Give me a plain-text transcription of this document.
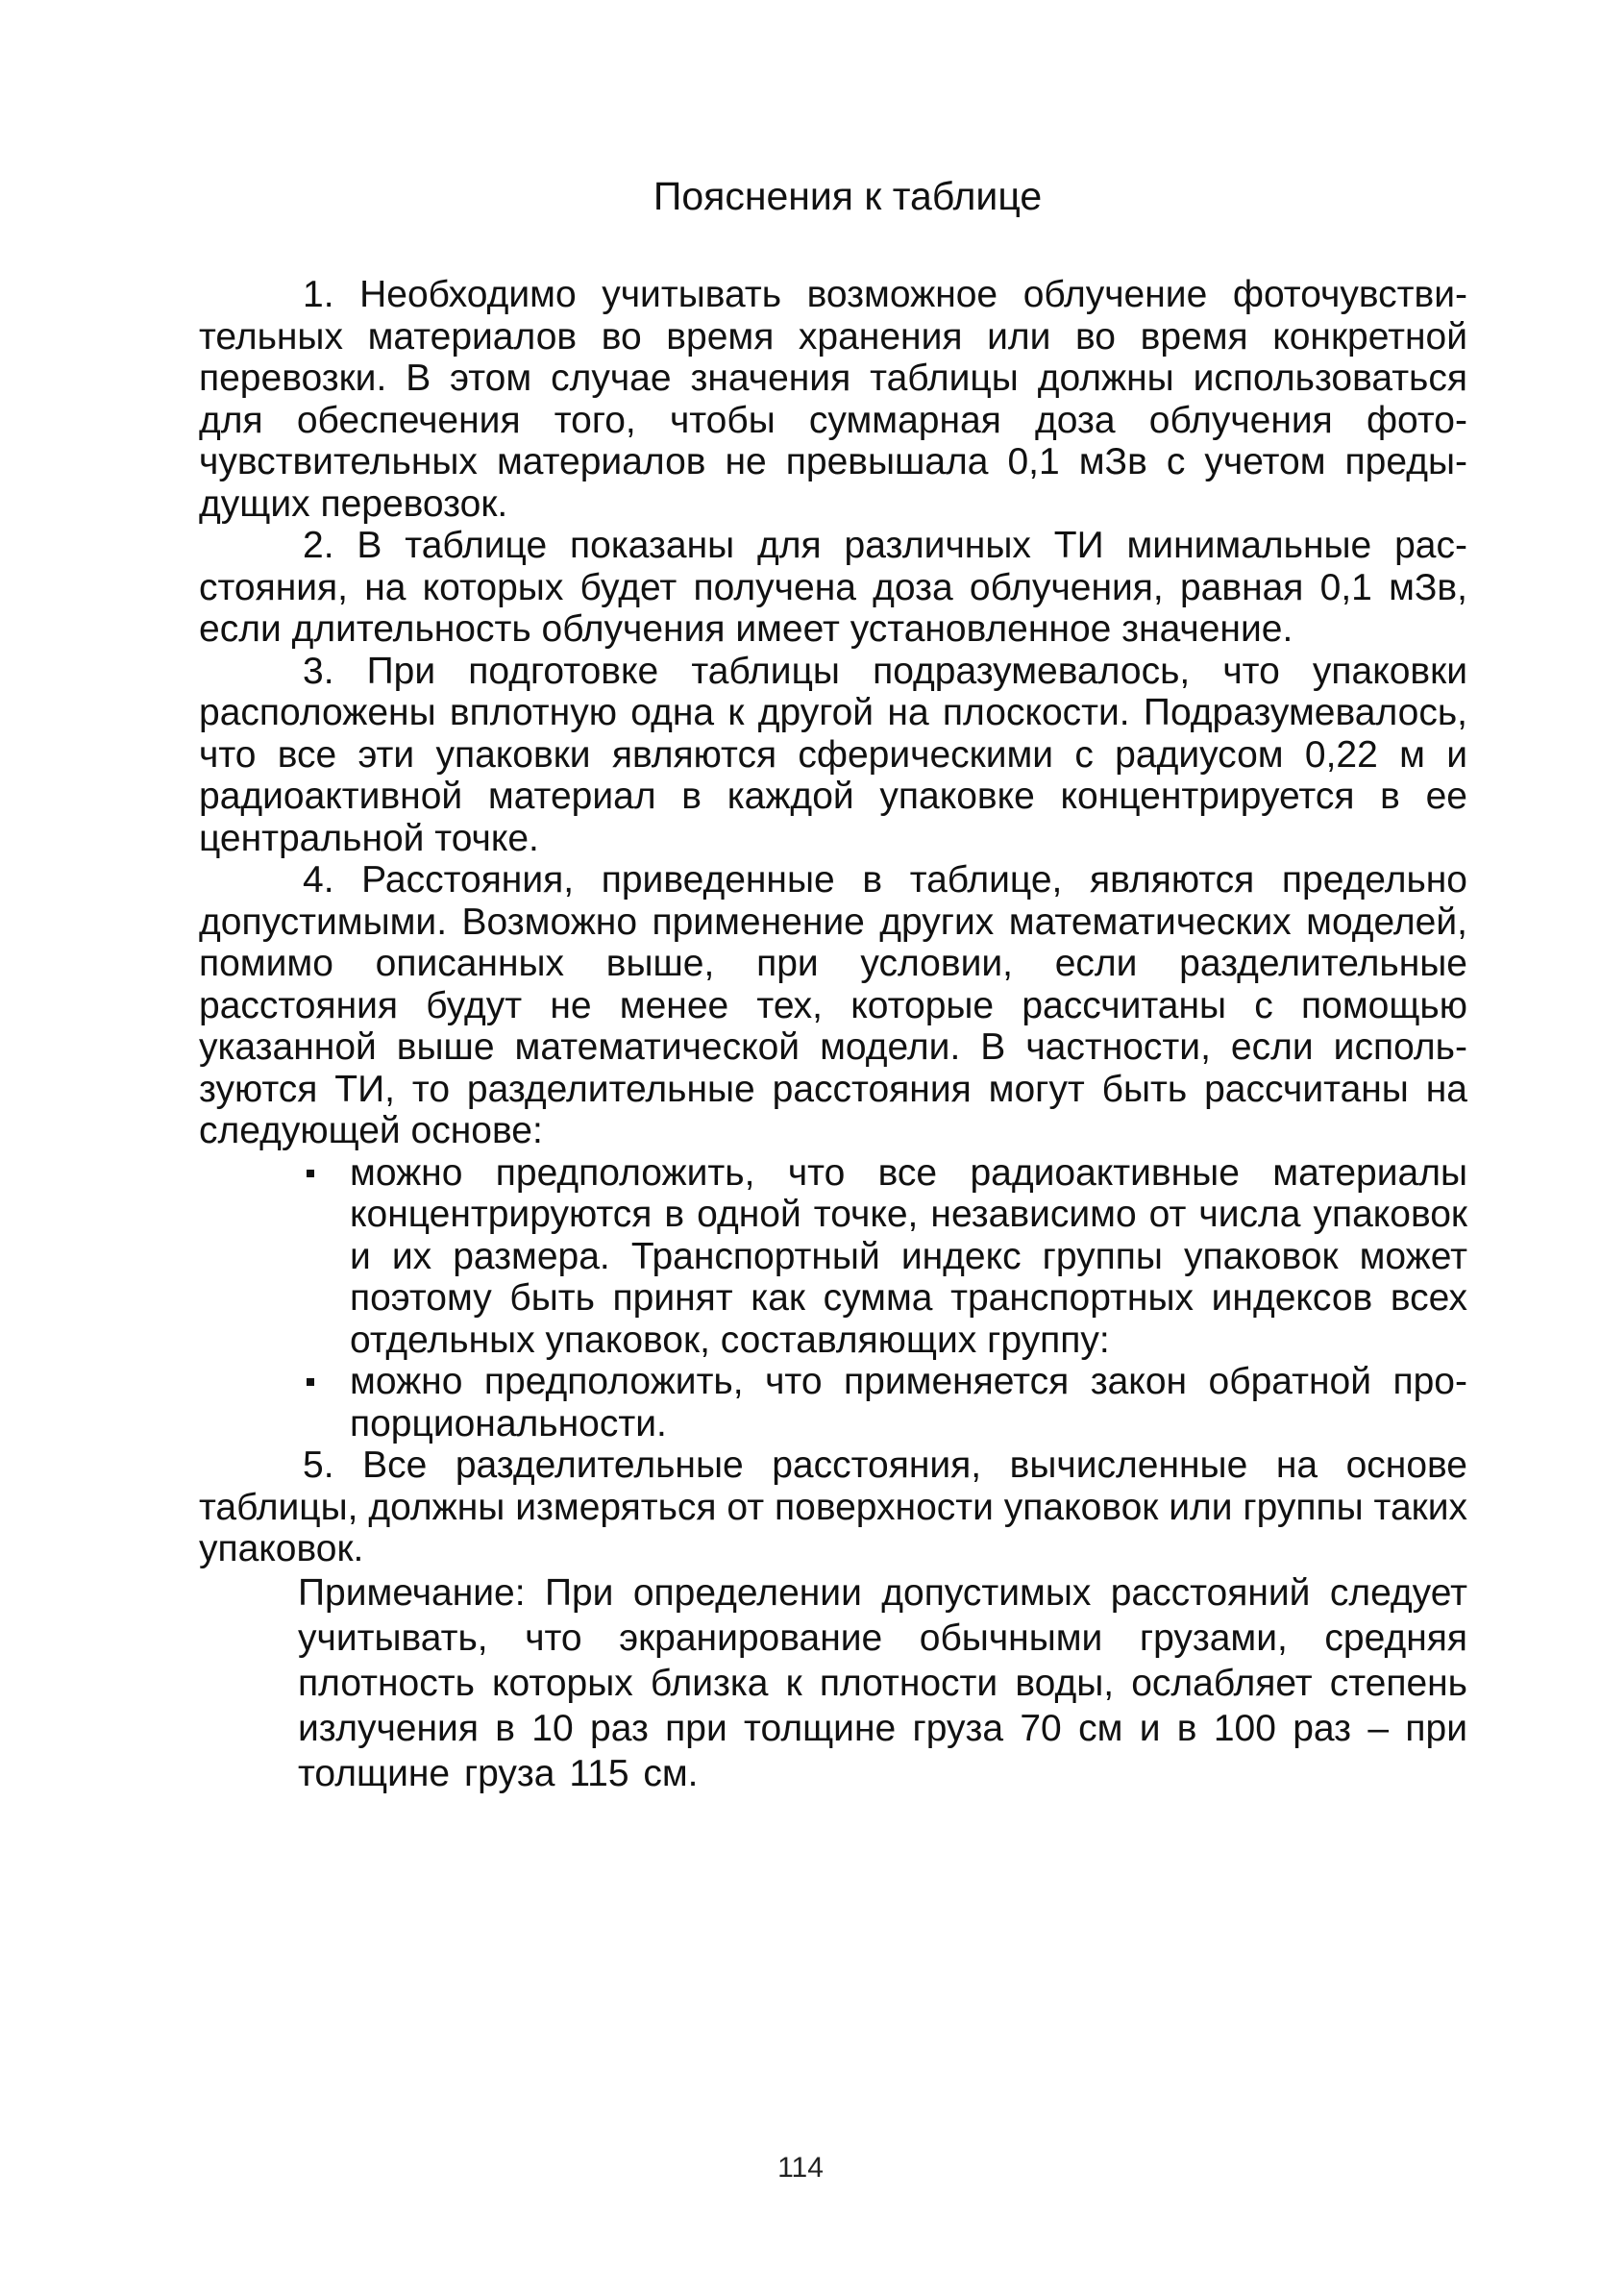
Пояснения к таблице

1. Необходимо учитывать возможное облучение фоточувствительных материалов во время хранения или во время конкретной перевозки. В этом случае значения таблицы должны использоваться для обеспечения того, чтобы суммарная доза облучения фоточувствительных материалов не превышала 0,1 мЗв с учетом предыдущих перевозок.

2. В таблице показаны для различных ТИ минимальные расстояния, на которых будет получена доза облучения, равная 0,1 мЗв, если длительность облучения имеет установленное значение.

3. При подготовке таблицы подразумевалось, что упаковки расположены вплотную одна к другой на плоскости. Подразумевалось, что все эти упаковки являются сферическими с радиусом 0,22 м и радиоактивной материал в каждой упаковке концентрируется в ее центральной точке.

4. Расстояния, приведенные в таблице, являются предельно допустимыми. Возможно применение других математических моделей, помимо описанных выше, при условии, если разделительные расстояния будут не менее тех, которые рассчитаны с помощью указанной выше математической модели. В частности, если используются ТИ, то разделительные расстояния могут быть рассчитаны на следующей основе:

можно предположить, что все радиоактивные материалы концентрируются в одной точке, независимо от числа упаковок и их размера. Транспортный индекс группы упаковок может поэтому быть принят как сумма транспортных индексов всех отдельных упаковок, составляющих группу:
можно предположить, что применяется закон обратной пропорциональности.

5. Все разделительные расстояния, вычисленные на основе таблицы, должны измеряться от поверхности упаковок или группы таких упаковок.

Примечание: При определении допустимых расстояний следует учитывать, что экранирование обычными грузами, средняя плотность которых близка к плотности воды, ослабляет степень излучения в 10 раз при толщине груза 70 см и в 100 раз – при толщине груза 115 см.

114
